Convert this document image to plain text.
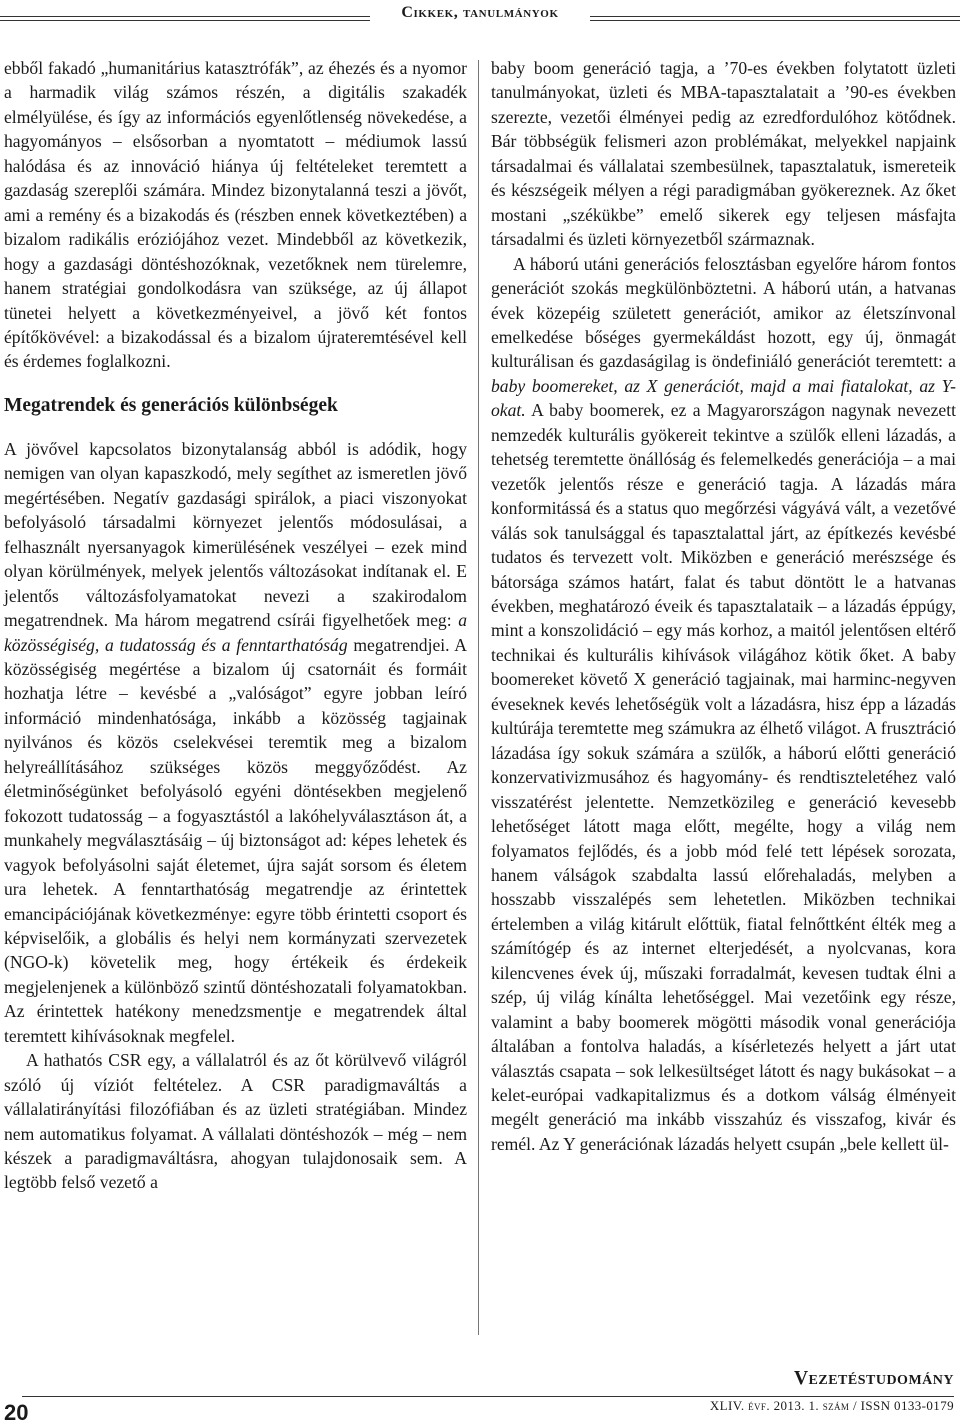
Cikkek, tanulmányok

ebből fakadó „humanitárius katasztrófák”, az éhezés és a nyomor a harmadik világ számos részén, a digitális szakadék elmélyülése, és így az információs egyenlőtlenség növekedése, a hagyományos – elsősorban a nyomtatott – médiumok lassú halódása és az innováció hiánya új feltételeket teremtett a gazdaság szereplői számára. Mindez bizonytalanná teszi a jövőt, ami a remény és a bizakodás és (részben ennek következtében) a bizalom radikális eróziójához vezet. Mindebből az következik, hogy a gazdasági döntéshozóknak, vezetőknek nem türelemre, hanem stratégiai gondolkodásra van szüksége, az új állapot tünetei helyett a következményeivel, a jövő két fontos építőkövével: a bizakodással és a bizalom újrateremtésével kell és érdemes foglalkozni.

Megatrendek és generációs különbségek

A jövővel kapcsolatos bizonytalanság abból is adódik, hogy nemigen van olyan kapaszkodó, mely segíthet az ismeretlen jövő megértésében. Negatív gazdasági spirálok, a piaci viszonyokat befolyásoló társadalmi környezet jelentős módosulásai, a felhasznált nyersanyagok kimerülésének veszélyei – ezek mind olyan körülmények, melyek jelentős változásokat indítanak el. E jelentős változásfolyamatokat nevezi a szakirodalom megatrendnek. Ma három megatrend csírái figyelhetőek meg: a közösségiség, a tudatosság és a fenntarthatóság megatrendjei. A közösségiség megértése a bizalom új csatornáit és formáit hozhatja létre – kevésbé a „valóságot” egyre jobban leíró információ mindenhatósága, inkább a közösség tagjainak nyilvános és közös cselekvései teremtik meg a bizalom helyreállításához szükséges közös meggyőződést. Az életminőségünket befolyásoló egyéni döntésekben megjelenő fokozott tudatosság – a fogyasztástól a lakóhelyválasztáson át, a munkahely megválasztásáig – új biztonságot ad: képes lehetek és vagyok befolyásolni saját életemet, újra saját sorsom és életem ura lehetek. A fenntarthatóság megatrendje az érintettek emancipációjának következménye: egyre több érintetti csoport és képviselőik, a globális és helyi nem kormányzati szervezetek (NGO-k) követelik meg, hogy értékeik és érdekeik megjelenjenek a különböző szintű döntéshozatali folyamatokban. Az érintettek hatékony menedzsmentje e megatrendek által teremtett kihívásoknak megfelel.

A hathatós CSR egy, a vállalatról és az őt körülvevő világról szóló új víziót feltételez. A CSR paradigmaváltás a vállalatirányítási filozófiában és az üzleti stratégiában. Mindez nem automatikus folyamat. A vállalati döntéshozók – még – nem készek a paradigmaváltásra, ahogyan tulajdonosaik sem. A legtöbb felső vezető a

baby boom generáció tagja, a ’70-es években folytatott üzleti tanulmányokat, üzleti és MBA-tapasztalatait a ’90-es években szerezte, vezetői élményei pedig az ezredfordulóhoz kötődnek. Bár többségük felismeri azon problémákat, melyekkel napjaink társadalmai és vállalatai szembesülnek, tapasztalatuk, ismereteik és készségeik mélyen a régi paradigmában gyökereznek. Az őket mostani „székükbe” emelő sikerek egy teljesen másfajta társadalmi és üzleti környezetből származnak.

A háború utáni generációs felosztásban egyelőre három fontos generációt szokás megkülönböztetni. A háború után, a hatvanas évek közepéig született generációt, amikor az életszínvonal emelkedése bőséges gyermekáldást hozott, egy új, önmagát kulturálisan és gazdaságilag is öndefiniáló generációt teremtett: a baby boomereket, az X generációt, majd a mai fiatalokat, az Y-okat. A baby boomerek, ez a Magyarországon nagynak nevezett nemzedék kulturális gyökereit tekintve a szülők elleni lázadás, a tehetség teremtette önállóság és felemelkedés generációja – a mai vezetők jelentős része e generáció tagja. A lázadás mára konformitássá és a status quo megőrzési vágyává vált, a vezetővé válás sok tanulsággal és tapasztalattal járt, az építkezés kevésbé tudatos és tervezett volt. Miközben e generáció merészsége és bátorsága számos határt, falat és tabut döntött le a hatvanas években, meghatározó éveik és tapasztalataik – a lázadás éppúgy, mint a konszolidáció – egy más korhoz, a maitól jelentősen eltérő technikai és kulturális kihívások világához kötik őket. A baby boomereket követő X generáció tagjainak, mai harminc-negyven éveseknek kevés lehetőségük volt a lázadásra, hisz épp a lázadás kultúrája teremtette meg számukra az élhető világot. A frusztráció lázadása így sokuk számára a szülők, a háború előtti generáció konzervativizmusához és hagyomány- és rendtiszteletéhez való visszatérést jelentette. Nemzetközileg e generáció kevesebb lehetőséget látott maga előtt, megélte, hogy a világ nem folyamatos fejlődés, és a jobb mód felé tett lépések sorozata, hanem válságok szabdalta lassú előrehaladás, melyben a hosszabb visszalépés sem lehetetlen. Miközben technikai értelemben a világ kitárult előttük, fiatal felnőttként élték meg a számítógép és az internet elterjedését, a nyolcvanas, kora kilencvenes évek új, műszaki forradalmát, kevesen tudtak élni a szép, új világ kínálta lehetőséggel. Mai vezetőink egy része, valamint a baby boomerek mögötti második vonal generációja általában a fontolva haladás, a kísérletezés helyett a járt utat választás csapata – sok lelkesültséget látott és nagy bukásokat – a kelet-európai vadkapitalizmus és a dotkom válság élményeit megélt generáció ma inkább visszahúz és visszafog, kivár és remél. Az Y generációnak lázadás helyett csupán „bele kellett ül-

Vezetéstudomány
XLIV. évf. 2013. 1. szám / ISSN 0133-0179
20
